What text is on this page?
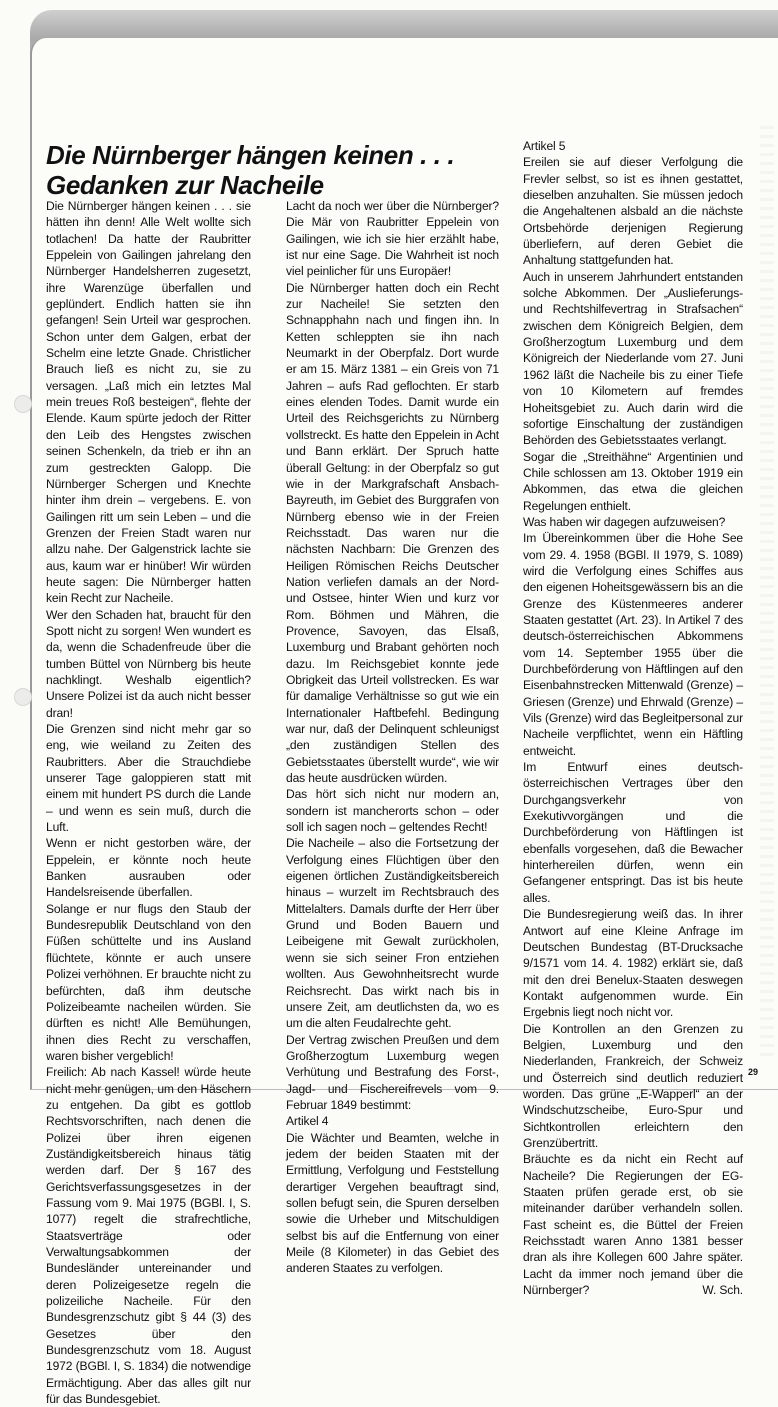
Die Nürnberger hängen keinen . . .
Gedanken zur Nacheile

Die Nürnberger hängen keinen . . . sie hätten ihn denn! Alle Welt wollte sich totlachen! Da hatte der Raubritter Eppelein von Gailingen jahrelang den Nürnberger Handelsherren zugesetzt, ihre Warenzüge überfallen und geplündert. Endlich hatten sie ihn gefangen! Sein Urteil war gesprochen. Schon unter dem Galgen, erbat der Schelm eine letzte Gnade. Christlicher Brauch ließ es nicht zu, sie zu versagen. „Laß mich ein letztes Mal mein treues Roß besteigen“, flehte der Elende. Kaum spürte jedoch der Ritter den Leib des Hengstes zwischen seinen Schenkeln, da trieb er ihn an zum gestreckten Galopp. Die Nürnberger Schergen und Knechte hinter ihm drein – vergebens. E. von Gailingen ritt um sein Leben – und die Grenzen der Freien Stadt waren nur allzu nahe. Der Galgenstrick lachte sie aus, kaum war er hinüber! Wir würden heute sagen: Die Nürnberger hatten kein Recht zur Nacheile.

Wer den Schaden hat, braucht für den Spott nicht zu sorgen! Wen wundert es da, wenn die Schadenfreude über die tumben Büttel von Nürnberg bis heute nachklingt. Weshalb eigentlich? Unsere Polizei ist da auch nicht besser dran!

Die Grenzen sind nicht mehr gar so eng, wie weiland zu Zeiten des Raubritters. Aber die Strauchdiebe unserer Tage galoppieren statt mit einem mit hundert PS durch die Lande – und wenn es sein muß, durch die Luft.

Wenn er nicht gestorben wäre, der Eppelein, er könnte noch heute Banken ausrauben oder Handelsreisende überfallen.

Solange er nur flugs den Staub der Bundesrepublik Deutschland von den Füßen schüttelte und ins Ausland flüchtete, könnte er auch unsere Polizei verhöhnen. Er brauchte nicht zu befürchten, daß ihm deutsche Polizeibeamte nacheilen würden. Sie dürften es nicht! Alle Bemühungen, ihnen dies Recht zu verschaffen, waren bisher vergeblich!

Freilich: Ab nach Kassel! würde heute nicht mehr genügen, um den Häschern zu entgehen. Da gibt es gottlob Rechtsvorschriften, nach denen die Polizei über ihren eigenen Zuständigkeitsbereich hinaus tätig werden darf. Der § 167 des Gerichtsverfassungsgesetzes in der Fassung vom 9. Mai 1975 (BGBl. I, S. 1077) regelt die strafrechtliche, Staatsverträge oder Verwaltungsabkommen der Bundesländer untereinander und deren Polizeigesetze regeln die polizeiliche Nacheile. Für den Bundesgrenzschutz gibt § 44 (3) des Gesetzes über den Bundesgrenzschutz vom 18. August 1972 (BGBl. I, S. 1834) die notwendige Ermächtigung. Aber das alles gilt nur für das Bundesgebiet.

Lacht da noch wer über die Nürnberger? Die Mär von Raubritter Eppelein von Gailingen, wie ich sie hier erzählt habe, ist nur eine Sage. Die Wahrheit ist noch viel peinlicher für uns Europäer!

Die Nürnberger hatten doch ein Recht zur Nacheile! Sie setzten den Schnapphahn nach und fingen ihn. In Ketten schleppten sie ihn nach Neumarkt in der Oberpfalz. Dort wurde er am 15. März 1381 – ein Greis von 71 Jahren – aufs Rad geflochten. Er starb eines elenden Todes. Damit wurde ein Urteil des Reichsgerichts zu Nürnberg vollstreckt. Es hatte den Eppelein in Acht und Bann erklärt. Der Spruch hatte überall Geltung: in der Oberpfalz so gut wie in der Markgrafschaft Ansbach-Bayreuth, im Gebiet des Burggrafen von Nürnberg ebenso wie in der Freien Reichsstadt. Das waren nur die nächsten Nachbarn: Die Grenzen des Heiligen Römischen Reichs Deutscher Nation verliefen damals an der Nord- und Ostsee, hinter Wien und kurz vor Rom. Böhmen und Mähren, die Provence, Savoyen, das Elsaß, Luxemburg und Brabant gehörten noch dazu. Im Reichsgebiet konnte jede Obrigkeit das Urteil vollstrecken. Es war für damalige Verhältnisse so gut wie ein Internationaler Haftbefehl. Bedingung war nur, daß der Delinquent schleunigst „den zuständigen Stellen des Gebietsstaates überstellt wurde“, wie wir das heute ausdrücken würden.

Das hört sich nicht nur modern an, sondern ist mancherorts schon – oder soll ich sagen noch – geltendes Recht!

Die Nacheile – also die Fortsetzung der Verfolgung eines Flüchtigen über den eigenen örtlichen Zuständigkeitsbereich hinaus – wurzelt im Rechtsbrauch des Mittelalters. Damals durfte der Herr über Grund und Boden Bauern und Leibeigene mit Gewalt zurückholen, wenn sie sich seiner Fron entziehen wollten. Aus Gewohnheitsrecht wurde Reichsrecht. Das wirkt nach bis in unsere Zeit, am deutlichsten da, wo es um die alten Feudalrechte geht.

Der Vertrag zwischen Preußen und dem Großherzogtum Luxemburg wegen Verhütung und Bestrafung des Forst-, Jagd- und Fischereifrevels vom 9. Februar 1849 bestimmt:

Artikel 4

Die Wächter und Beamten, welche in jedem der beiden Staaten mit der Ermittlung, Verfolgung und Feststellung derartiger Vergehen beauftragt sind, sollen befugt sein, die Spuren derselben sowie die Urheber und Mitschuldigen selbst bis auf die Entfernung von einer Meile (8 Kilometer) in das Gebiet des anderen Staates zu verfolgen.

Artikel 5

Ereilen sie auf dieser Verfolgung die Frevler selbst, so ist es ihnen gestattet, dieselben anzuhalten. Sie müssen jedoch die Angehaltenen alsbald an die nächste Ortsbehörde derjenigen Regierung überliefern, auf deren Gebiet die Anhaltung stattgefunden hat.

Auch in unserem Jahrhundert entstanden solche Abkommen. Der „Auslieferungs- und Rechtshilfevertrag in Strafsachen“ zwischen dem Königreich Belgien, dem Großherzogtum Luxemburg und dem Königreich der Niederlande vom 27. Juni 1962 läßt die Nacheile bis zu einer Tiefe von 10 Kilometern auf fremdes Hoheitsgebiet zu. Auch darin wird die sofortige Einschaltung der zuständigen Behörden des Gebietsstaates verlangt.

Sogar die „Streithähne“ Argentinien und Chile schlossen am 13. Oktober 1919 ein Abkommen, das etwa die gleichen Regelungen enthielt.

Was haben wir dagegen aufzuweisen?

Im Übereinkommen über die Hohe See vom 29. 4. 1958 (BGBl. II 1979, S. 1089) wird die Verfolgung eines Schiffes aus den eigenen Hoheitsgewässern bis an die Grenze des Küstenmeeres anderer Staaten gestattet (Art. 23). In Artikel 7 des deutsch-österreichischen Abkommens vom 14. September 1955 über die Durchbeförderung von Häftlingen auf den Eisenbahnstrecken Mittenwald (Grenze) – Griesen (Grenze) und Ehrwald (Grenze) – Vils (Grenze) wird das Begleitpersonal zur Nacheile verpflichtet, wenn ein Häftling entweicht.

Im Entwurf eines deutsch-österreichischen Vertrages über den Durchgangsverkehr von Exekutivvorgängen und die Durchbeförderung von Häftlingen ist ebenfalls vorgesehen, daß die Bewacher hinterhereilen dürfen, wenn ein Gefangener entspringt. Das ist bis heute alles.

Die Bundesregierung weiß das. In ihrer Antwort auf eine Kleine Anfrage im Deutschen Bundestag (BT-Drucksache 9/1571 vom 14. 4. 1982) erklärt sie, daß mit den drei Benelux-Staaten deswegen Kontakt aufgenommen wurde. Ein Ergebnis liegt noch nicht vor.

Die Kontrollen an den Grenzen zu Belgien, Luxemburg und den Niederlanden, Frankreich, der Schweiz und Österreich sind deutlich reduziert worden. Das grüne „E-Wapperl“ an der Windschutzscheibe, Euro-Spur und Sichtkontrollen erleichtern den Grenzübertritt.

Bräuchte es da nicht ein Recht auf Nacheile? Die Regierungen der EG-Staaten prüfen gerade erst, ob sie miteinander darüber verhandeln sollen. Fast scheint es, die Büttel der Freien Reichsstadt waren Anno 1381 besser dran als ihre Kollegen 600 Jahre später. Lacht da immer noch jemand über die Nürnberger?	W. Sch.

29
